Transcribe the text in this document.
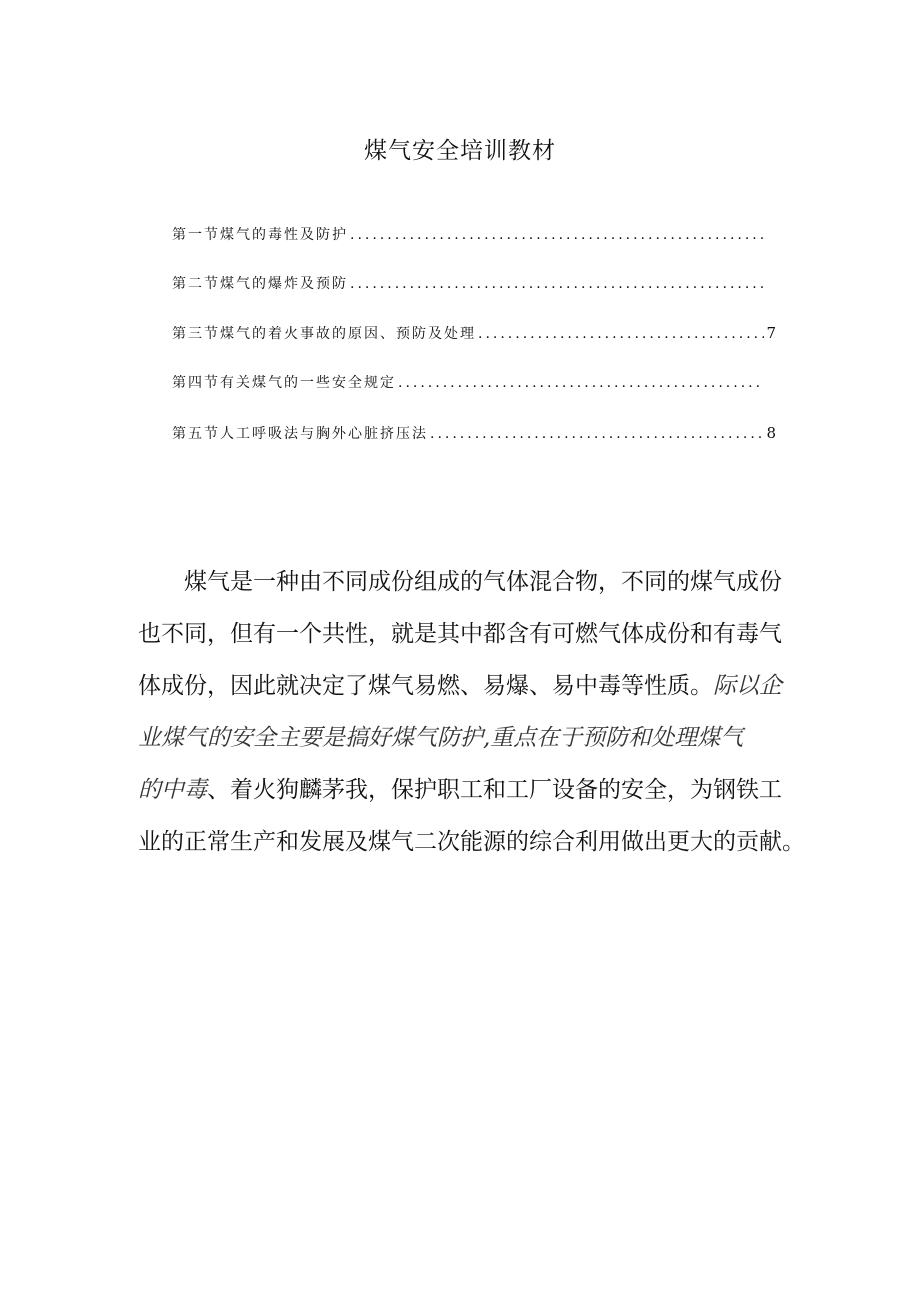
煤气安全培训教材
第一节煤气的毒性及防护
.....
第二节煤气的爆炸及预防
.....
第三节煤气的着火事故的原因、预防及处理 .....	7
第四节有关煤气的一些安全规定
.....
第五节人工呼吸法与胸外心脏挤压法 .....	8
煤气是一种由不同成份组成的气体混合物，不同的煤气成份
也不同，但有一个共性，就是其中都含有可燃气体成份和有毒气
体成份，因此就决定了煤气易燃、易爆、易中毒等性质。际以企
业煤气的安全主要是搞好煤气防护,重点在于预防和处理煤气
的中毒、着火狗麟茅我，保护职工和工厂设备的安全，为钢铁工
业的正常生产和发展及煤气二次能源的综合利用做出更大的贡献。
